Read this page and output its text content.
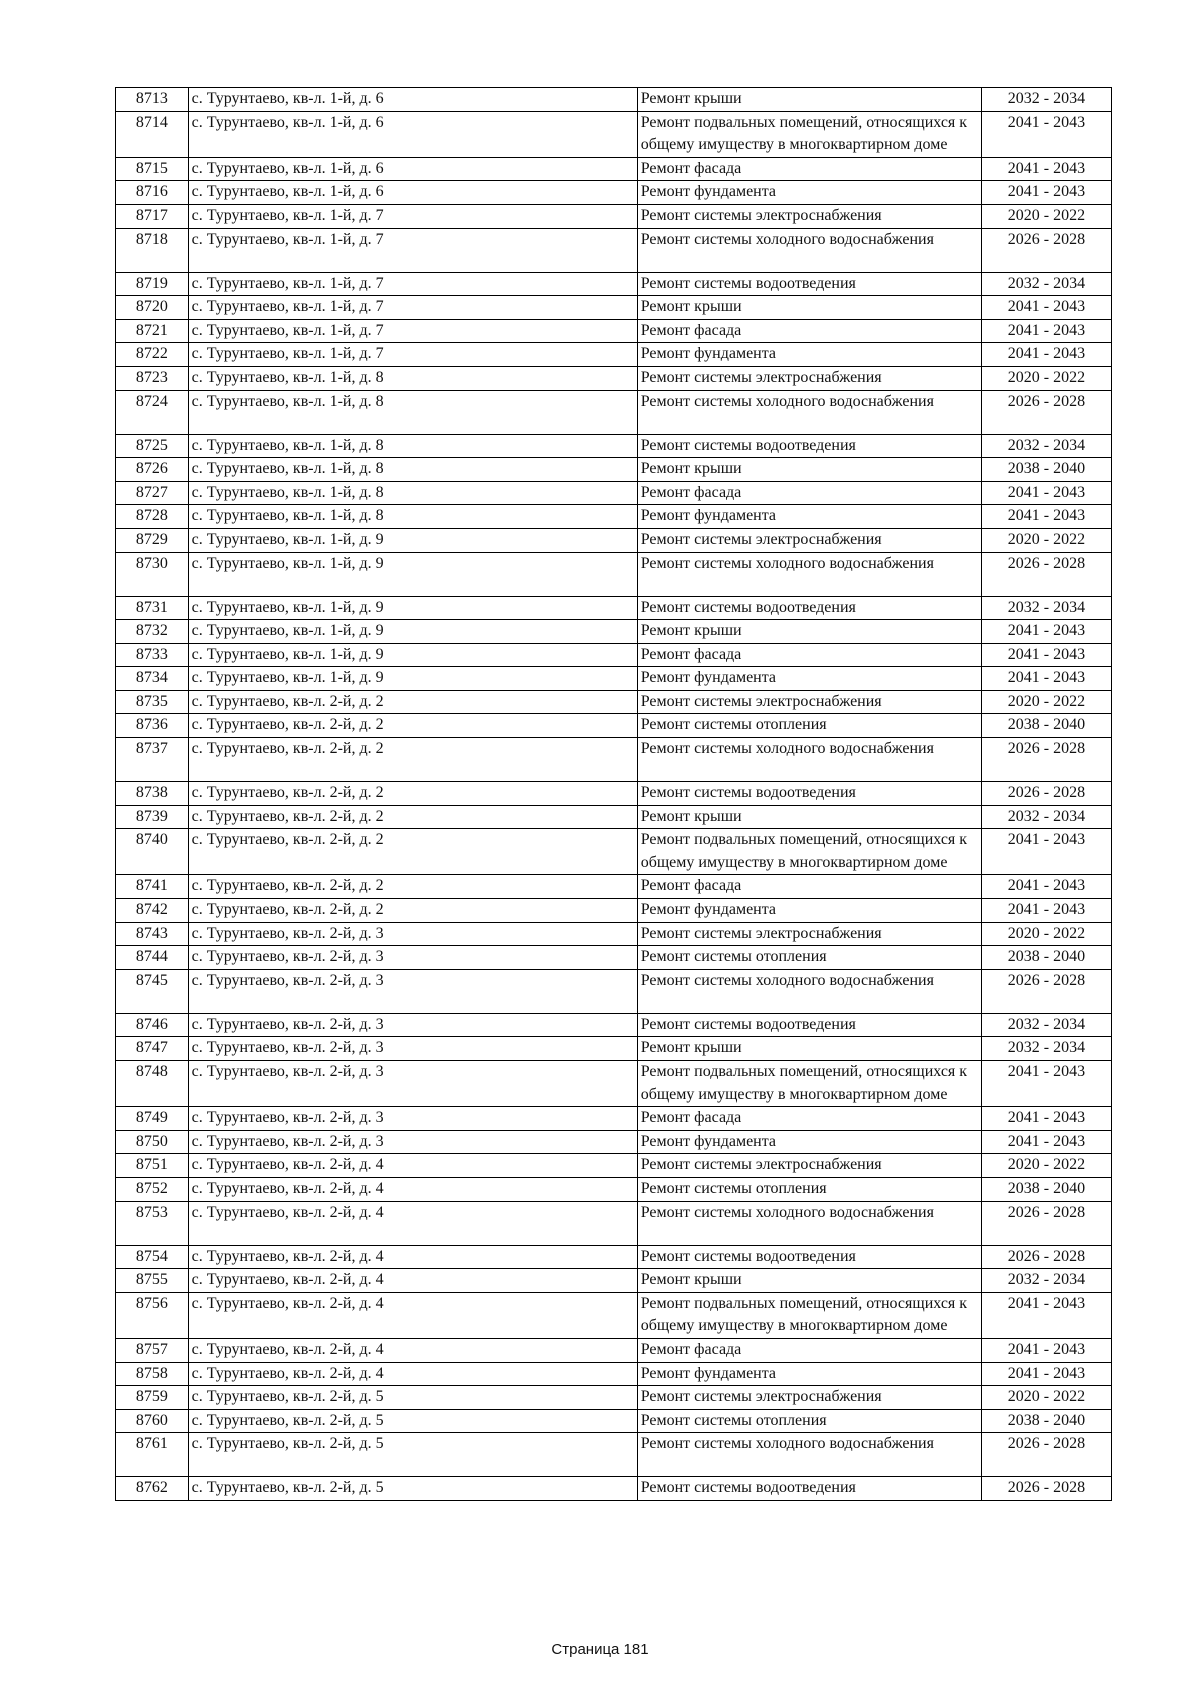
8713	с. Турунтаево, кв-л. 1-й, д. 6	Ремонт крыши	2032 - 2034
8714	с. Турунтаево, кв-л. 1-й, д. 6	Ремонт подвальных помещений, относящихся к общему имуществу в многоквартирном доме	2041 - 2043
8715	с. Турунтаево, кв-л. 1-й, д. 6	Ремонт фасада	2041 - 2043
8716	с. Турунтаево, кв-л. 1-й, д. 6	Ремонт фундамента	2041 - 2043
8717	с. Турунтаево, кв-л. 1-й, д. 7	Ремонт системы электроснабжения	2020 - 2022
8718	с. Турунтаево, кв-л. 1-й, д. 7	Ремонт системы холодного водоснабжения	2026 - 2028
8719	с. Турунтаево, кв-л. 1-й, д. 7	Ремонт системы водоотведения	2032 - 2034
8720	с. Турунтаево, кв-л. 1-й, д. 7	Ремонт крыши	2041 - 2043
8721	с. Турунтаево, кв-л. 1-й, д. 7	Ремонт фасада	2041 - 2043
8722	с. Турунтаево, кв-л. 1-й, д. 7	Ремонт фундамента	2041 - 2043
8723	с. Турунтаево, кв-л. 1-й, д. 8	Ремонт системы электроснабжения	2020 - 2022
8724	с. Турунтаево, кв-л. 1-й, д. 8	Ремонт системы холодного водоснабжения	2026 - 2028
8725	с. Турунтаево, кв-л. 1-й, д. 8	Ремонт системы водоотведения	2032 - 2034
8726	с. Турунтаево, кв-л. 1-й, д. 8	Ремонт крыши	2038 - 2040
8727	с. Турунтаево, кв-л. 1-й, д. 8	Ремонт фасада	2041 - 2043
8728	с. Турунтаево, кв-л. 1-й, д. 8	Ремонт фундамента	2041 - 2043
8729	с. Турунтаево, кв-л. 1-й, д. 9	Ремонт системы электроснабжения	2020 - 2022
8730	с. Турунтаево, кв-л. 1-й, д. 9	Ремонт системы холодного водоснабжения	2026 - 2028
8731	с. Турунтаево, кв-л. 1-й, д. 9	Ремонт системы водоотведения	2032 - 2034
8732	с. Турунтаево, кв-л. 1-й, д. 9	Ремонт крыши	2041 - 2043
8733	с. Турунтаево, кв-л. 1-й, д. 9	Ремонт фасада	2041 - 2043
8734	с. Турунтаево, кв-л. 1-й, д. 9	Ремонт фундамента	2041 - 2043
8735	с. Турунтаево, кв-л. 2-й, д. 2	Ремонт системы электроснабжения	2020 - 2022
8736	с. Турунтаево, кв-л. 2-й, д. 2	Ремонт системы отопления	2038 - 2040
8737	с. Турунтаево, кв-л. 2-й, д. 2	Ремонт системы холодного водоснабжения	2026 - 2028
8738	с. Турунтаево, кв-л. 2-й, д. 2	Ремонт системы водоотведения	2026 - 2028
8739	с. Турунтаево, кв-л. 2-й, д. 2	Ремонт крыши	2032 - 2034
8740	с. Турунтаево, кв-л. 2-й, д. 2	Ремонт подвальных помещений, относящихся к общему имуществу в многоквартирном доме	2041 - 2043
8741	с. Турунтаево, кв-л. 2-й, д. 2	Ремонт фасада	2041 - 2043
8742	с. Турунтаево, кв-л. 2-й, д. 2	Ремонт фундамента	2041 - 2043
8743	с. Турунтаево, кв-л. 2-й, д. 3	Ремонт системы электроснабжения	2020 - 2022
8744	с. Турунтаево, кв-л. 2-й, д. 3	Ремонт системы отопления	2038 - 2040
8745	с. Турунтаево, кв-л. 2-й, д. 3	Ремонт системы холодного водоснабжения	2026 - 2028
8746	с. Турунтаево, кв-л. 2-й, д. 3	Ремонт системы водоотведения	2032 - 2034
8747	с. Турунтаево, кв-л. 2-й, д. 3	Ремонт крыши	2032 - 2034
8748	с. Турунтаево, кв-л. 2-й, д. 3	Ремонт подвальных помещений, относящихся к общему имуществу в многоквартирном доме	2041 - 2043
8749	с. Турунтаево, кв-л. 2-й, д. 3	Ремонт фасада	2041 - 2043
8750	с. Турунтаево, кв-л. 2-й, д. 3	Ремонт фундамента	2041 - 2043
8751	с. Турунтаево, кв-л. 2-й, д. 4	Ремонт системы электроснабжения	2020 - 2022
8752	с. Турунтаево, кв-л. 2-й, д. 4	Ремонт системы отопления	2038 - 2040
8753	с. Турунтаево, кв-л. 2-й, д. 4	Ремонт системы холодного водоснабжения	2026 - 2028
8754	с. Турунтаево, кв-л. 2-й, д. 4	Ремонт системы водоотведения	2026 - 2028
8755	с. Турунтаево, кв-л. 2-й, д. 4	Ремонт крыши	2032 - 2034
8756	с. Турунтаево, кв-л. 2-й, д. 4	Ремонт подвальных помещений, относящихся к общему имуществу в многоквартирном доме	2041 - 2043
8757	с. Турунтаево, кв-л. 2-й, д. 4	Ремонт фасада	2041 - 2043
8758	с. Турунтаево, кв-л. 2-й, д. 4	Ремонт фундамента	2041 - 2043
8759	с. Турунтаево, кв-л. 2-й, д. 5	Ремонт системы электроснабжения	2020 - 2022
8760	с. Турунтаево, кв-л. 2-й, д. 5	Ремонт системы отопления	2038 - 2040
8761	с. Турунтаево, кв-л. 2-й, д. 5	Ремонт системы холодного водоснабжения	2026 - 2028
8762	с. Турунтаево, кв-л. 2-й, д. 5	Ремонт системы водоотведения	2026 - 2028
Страница 181
